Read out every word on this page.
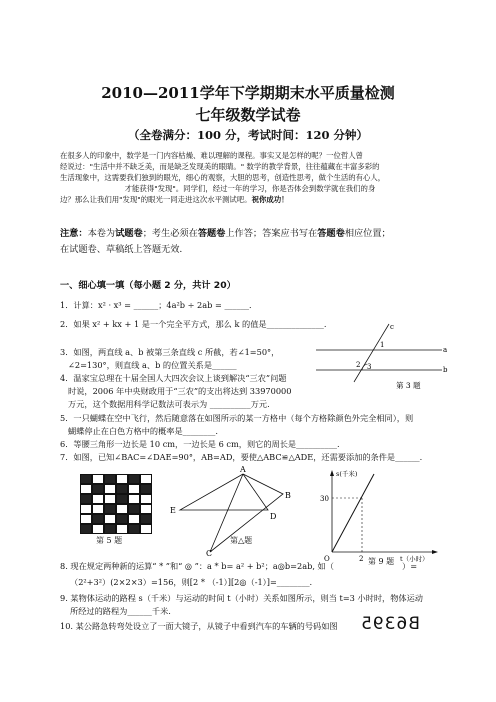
2010—2011学年下学期期末水平质量检测
七年级数学试卷
（全卷满分：100 分，考试时间：120 分钟）
在很多人的印象中，数学是一门内容枯燥、难以理解的课程。事实又是怎样的呢？一位哲人曾
经说过："生活中并不缺乏美，而是缺乏发现美的眼睛。" 数学的教学背景，往往蕴藏在丰富多彩的
生活现象中，这需要我们独到的眼光，细心的观察，大胆的思考，创造性思考，做个生活的有心人，

才能获得"发现"。同学们，经过一年的学习，你是否体会到数学就在我们的身
边？那么让我们用"发现"的眼光一同走进这次水平测试吧。祝你成功！
注意：本卷为试题卷；考生必须在答题卷上作答；答案应书写在答题卷相应位置；
在试题卷、草稿纸上答题无效.
一、细心填一填（每小题 2 分，共计 20）
1．计算：x² · x³ = ______；4a²b ÷ 2ab = ______．
2．如果 x² + kx + 1 是一个完全平方式，那么 k 的值是______________.
3．如图，两直线 a、b 被第三条直线 c 所截，若∠1=50°，
∠2=130°，则直线 a、b 的位置关系是______
4．温家宝总理在十届全国人大四次会议上谈到解决“三农”问题
时说，2006 年中央财政用于“三农”的支出将达到 33970000
万元，这个数据用科学记数法可表示为 __________万元.
5．一只蝴蝶在空中飞行，然后随意落在如图所示的某一方格中（每个方格除颜色外完全相同），则
蝴蝶停止在白色方格中的概率是________.
6．等腰三角形一边长是 10 cm，一边长是 6 cm，则它的周长是__________.
7．如图，已知∠BAC=∠DAE=90°，AB=AD，要使△ABC≌△ADE，还需要添加的条件是______.
a
b
c
1
2 3
第 3 题
第 5 题
A
B
C
D
E
第△题
s(千米)
30
2
O	t（小时）
第 9 题
8. 现在规定两种新的运算“ * ”和“ ◎ ”：a * b= a² + b²；a◎b=2ab, 如（	）=
（2²+3²）(2×2×3）=156，则[2 * （-1）][2◎（-1）]=________.
9. 某物体运动的路程 s（千米）与运动的时间 t（小时）关系如图所示，则当 t=3 小时时，物体运动
所经过的路程为______千米.
10. 某公路急转弯处设立了一面大镜子，从镜子中看到汽车的车辆的号码如图 B6395
